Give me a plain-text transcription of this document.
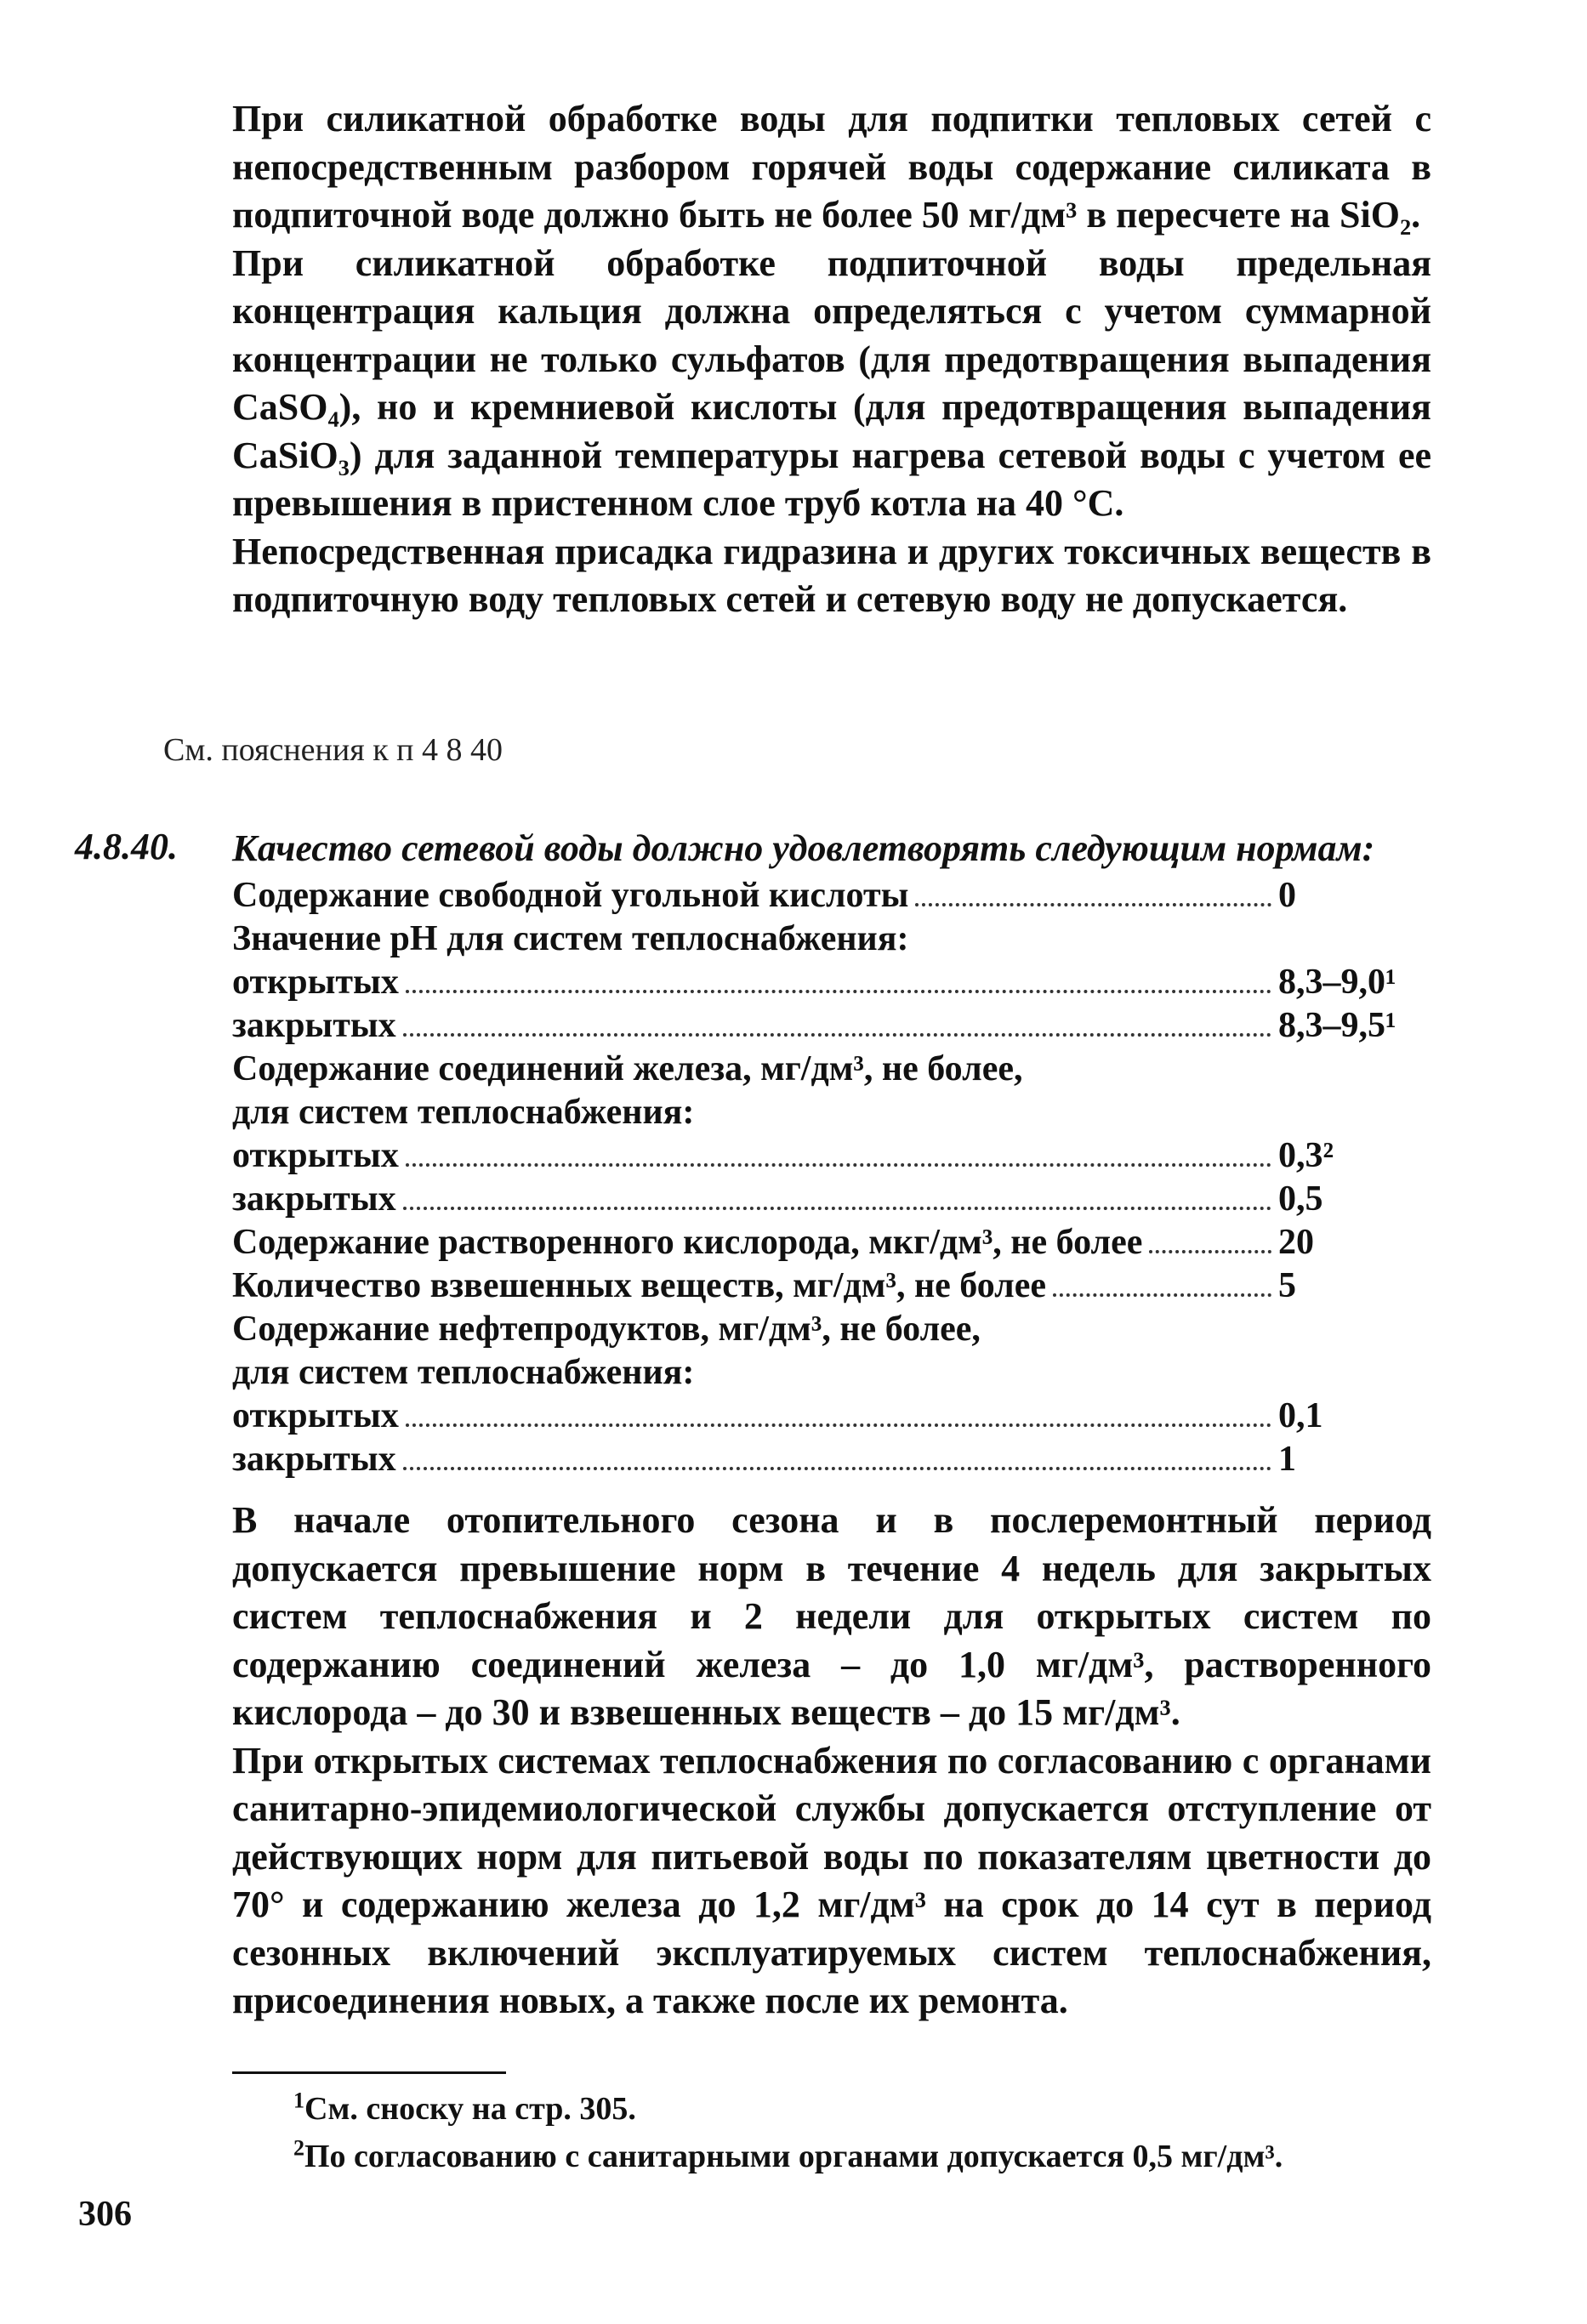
При силикатной обработке воды для подпитки тепловых сетей с непосредственным разбором горячей воды содержание силиката в подпиточной воде должно быть не более 50 мг/дм³ в пересчете на SiO₂.

При силикатной обработке подпиточной воды предельная концентрация кальция должна определяться с учетом суммарной концентрации не только сульфатов (для предотвращения выпадения CaSO₄), но и кремниевой кислоты (для предотвращения выпадения CaSiO₃) для заданной температуры нагрева сетевой воды с учетом ее превышения в пристенном слое труб котла на 40 °С.

Непосредственная присадка гидразина и других токсичных веществ в подпиточную воду тепловых сетей и сетевую воду не допускается.

См. пояснения к п 4 8 40
4.8.40. Качество сетевой воды должно удовлетворять следующим нормам:
Содержание свободной угольной кислоты	0
Значение pH для систем теплоснабжения:
открытых	8,3–9,0¹
закрытых	8,3–9,5¹
Содержание соединений железа, мг/дм³, не более,
для систем теплоснабжения:
открытых	0,3²
закрытых	0,5
Содержание растворенного кислорода, мкг/дм³, не более	20
Количество взвешенных веществ, мг/дм³, не более	5
Содержание нефтепродуктов, мг/дм³, не более,
для систем теплоснабжения:
открытых	0,1
закрытых	1

В начале отопительного сезона и в послеремонтный период допускается превышение норм в течение 4 недель для закрытых систем теплоснабжения и 2 недели для открытых систем по содержанию соединений железа – до 1,0 мг/дм³, растворенного кислорода – до 30 и взвешенных веществ – до 15 мг/дм³.

При открытых системах теплоснабжения по согласованию с органами санитарно-эпидемиологической службы допускается отступление от действующих норм для питьевой воды по показателям цветности до 70° и содержанию железа до 1,2 мг/дм³ на срок до 14 сут в период сезонных включений эксплуатируемых систем теплоснабжения, присоединения новых, а также после их ремонта.

$^1$См. сноску на стр. 305.
$^2$По согласованию с санитарными органами допускается 0,5 мг/дм³.
306
